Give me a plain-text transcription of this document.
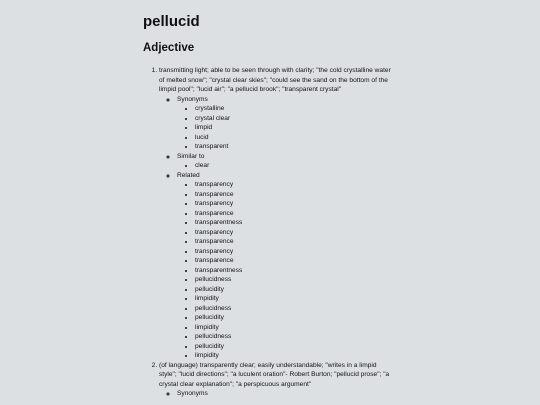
pellucid
Adjective
1. transmitting light; able to be seen through with clarity; "the cold crystalline water of melted snow"; "crystal clear skies"; "could see the sand on the bottom of the limpid pool"; "lucid air"; "a pellucid brook"; "transparent crystal"
◦ Synonyms
• crystalline
• crystal clear
• limpid
• lucid
• transparent
◦ Similar to
• clear
◦ Related
• transparency
• transparence
• transparency
• transparence
• transparentness
• transparency
• transparence
• transparency
• transparence
• transparentness
• pellucidness
• pellucidity
• limpidity
• pellucidness
• pellucidity
• limpidity
• pellucidness
• pellucidity
• limpidity
2. (of language) transparently clear; easily understandable; "writes in a limpid style"; "lucid directions"; "a luculent oration"- Robert Burton; "pellucid prose"; "a crystal clear explanation"; "a perspicuous argument"
◦ Synonyms
